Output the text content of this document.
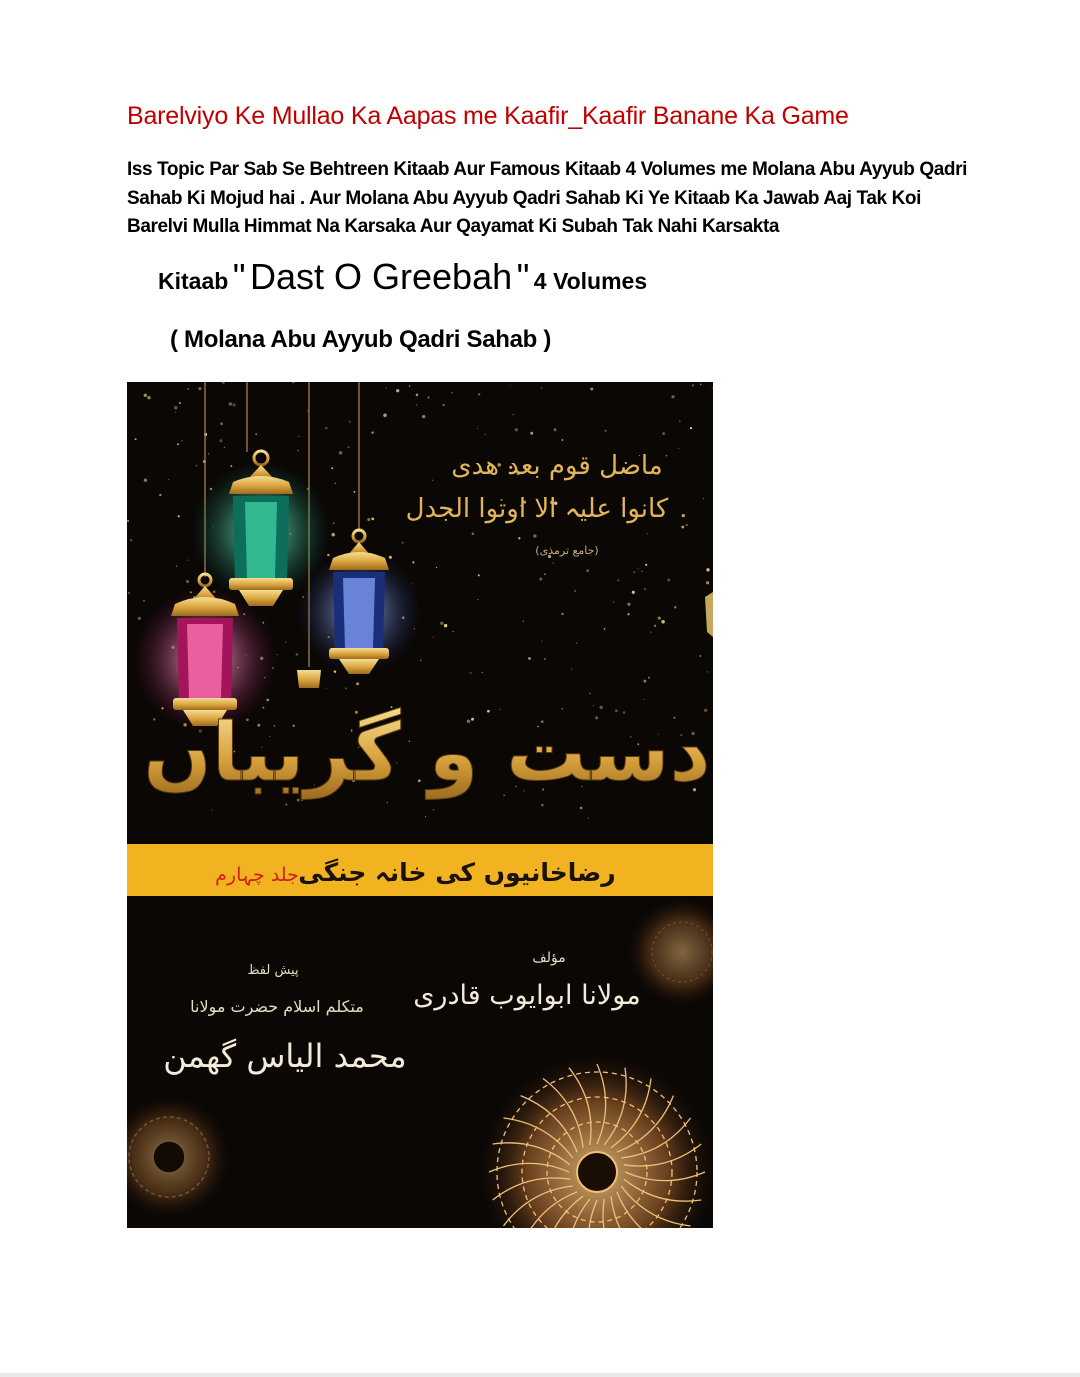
Barelviyo Ke Mullao Ka Aapas me Kaafir_Kaafir Banane Ka Game

Iss Topic Par Sab Se Behtreen Kitaab Aur Famous Kitaab 4 Volumes me Molana Abu Ayyub Qadri Sahab Ki Mojud hai . Aur Molana Abu Ayyub Qadri Sahab Ki Ye Kitaab Ka Jawab Aaj Tak Koi Barelvi Mulla Himmat Na Karsaka Aur Qayamat Ki Subah Tak Nahi Karsakta

Kitaab " Dast O Greebah " 4 Volumes
( Molana Abu Ayyub Qadri Sahab )
ماضل قوم بعد ھدی
کانوا علیہ الا اوتوا الجدل
(جامع ترمذی)
دست و گریباں
رضاخانیوں کی خانہ جنگی
جلد چہارم
مؤلف
مولانا ابوایوب قادری
پیش لفظ
متکلم اسلام حضرت مولانا
محمد الیاس گھمن
